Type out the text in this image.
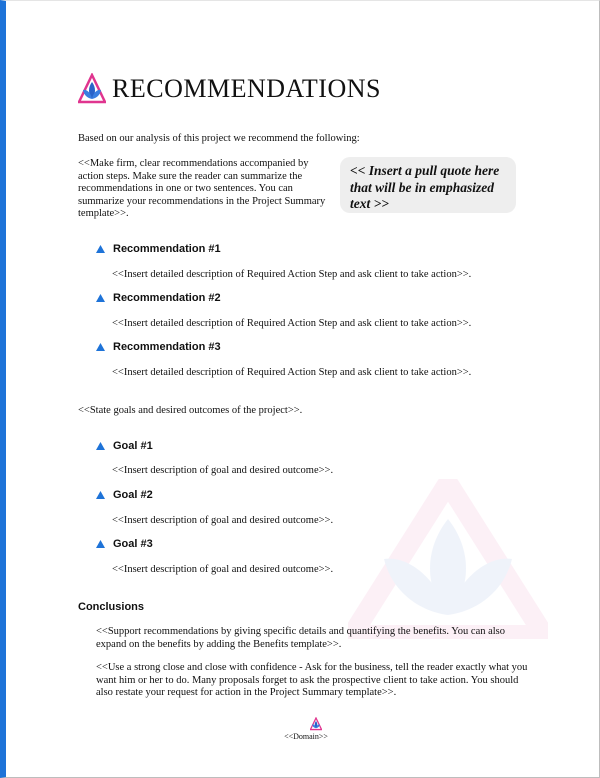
RECOMMENDATIONS
Based on our analysis of this project we recommend the following:
<<Make firm, clear recommendations accompanied by action steps. Make sure the reader can summarize the recommendations in one or two sentences. You can summarize your recommendations in the Project Summary template>>.
<< Insert a pull quote here that will be in emphasized text >>
Recommendation #1
<<Insert detailed description of Required Action Step and ask client to take action>>.
Recommendation #2
<<Insert detailed description of Required Action Step and ask client to take action>>.
Recommendation #3
<<Insert detailed description of Required Action Step and ask client to take action>>.
<<State goals and desired outcomes of the project>>.
Goal #1
<<Insert description of goal and desired outcome>>.
Goal #2
<<Insert description of goal and desired outcome>>.
Goal #3
<<Insert description of goal and desired outcome>>.
Conclusions
<<Support recommendations by giving specific details and quantifying the benefits. You can also expand on the benefits by adding the Benefits template>>.
<<Use a strong close and close with confidence - Ask for the business, tell the reader exactly what you want him or her to do. Many proposals forget to ask the prospective client to take action. You should also restate your request for action in the Project Summary template>>.
<<Domain>>
